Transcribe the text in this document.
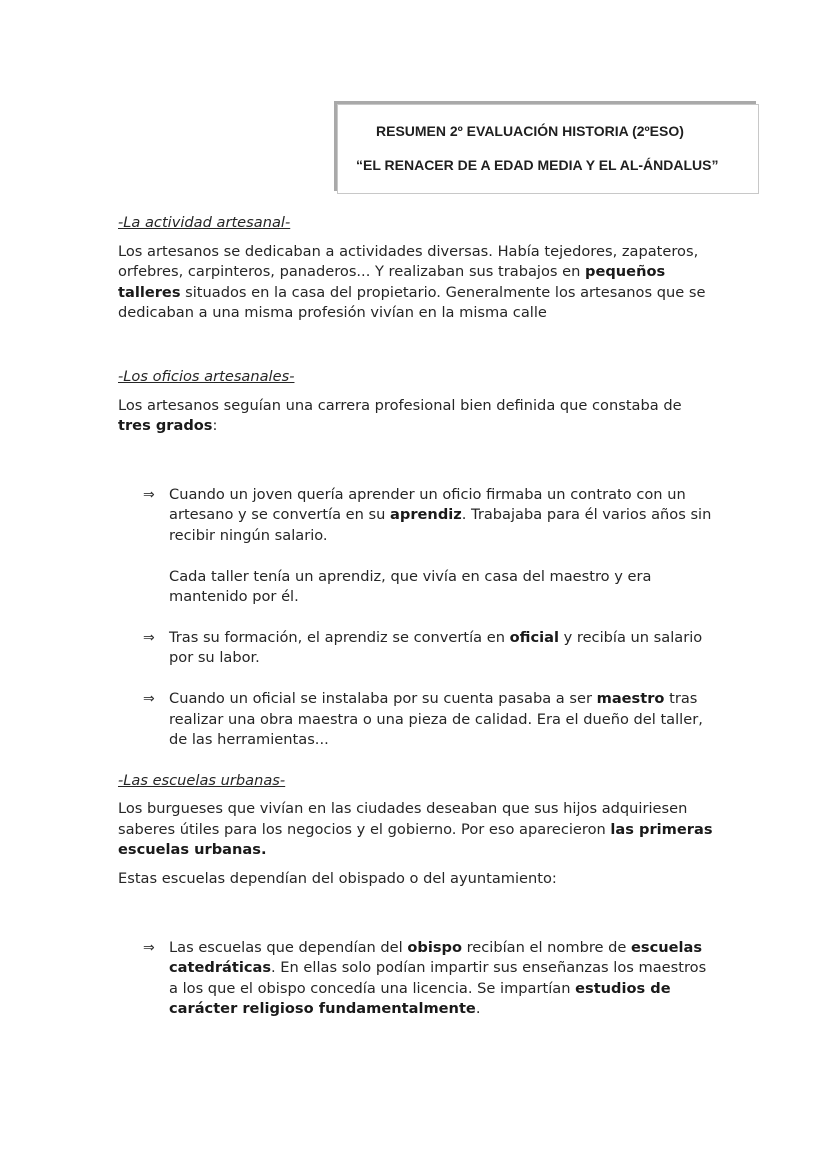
RESUMEN 2º EVALUACIÓN HISTORIA (2ºESO)
“EL RENACER DE A EDAD MEDIA Y EL AL-ÁNDALUS”

-La actividad artesanal-

Los artesanos se dedicaban a actividades diversas. Había tejedores, zapateros, orfebres, carpinteros, panaderos... Y realizaban sus trabajos en pequeños talleres situados en la casa del propietario. Generalmente los artesanos que se dedicaban a una misma profesión vivían en la misma calle

-Los oficios artesanales-

Los artesanos seguían una carrera profesional bien definida que constaba de tres grados:

⇒ Cuando un joven quería aprender un oficio firmaba un contrato con un artesano y se convertía en su aprendiz. Trabajaba para él varios años sin recibir ningún salario.

Cada taller tenía un aprendiz, que vivía en casa del maestro y era mantenido por él.

⇒ Tras su formación, el aprendiz se convertía en oficial y recibía un salario por su labor.
⇒ Cuando un oficial se instalaba por su cuenta pasaba a ser maestro tras realizar una obra maestra o una pieza de calidad. Era el dueño del taller, de las herramientas...

-Las escuelas urbanas-

Los burgueses que vivían en las ciudades deseaban que sus hijos adquiriesen saberes útiles para los negocios y el gobierno. Por eso aparecieron las primeras escuelas urbanas.

Estas escuelas dependían del obispado o del ayuntamiento:

⇒ Las escuelas que dependían del obispo recibían el nombre de escuelas catedráticas. En ellas solo podían impartir sus enseñanzas los maestros a los que el obispo concedía una licencia. Se impartían estudios de carácter religioso fundamentalmente.
